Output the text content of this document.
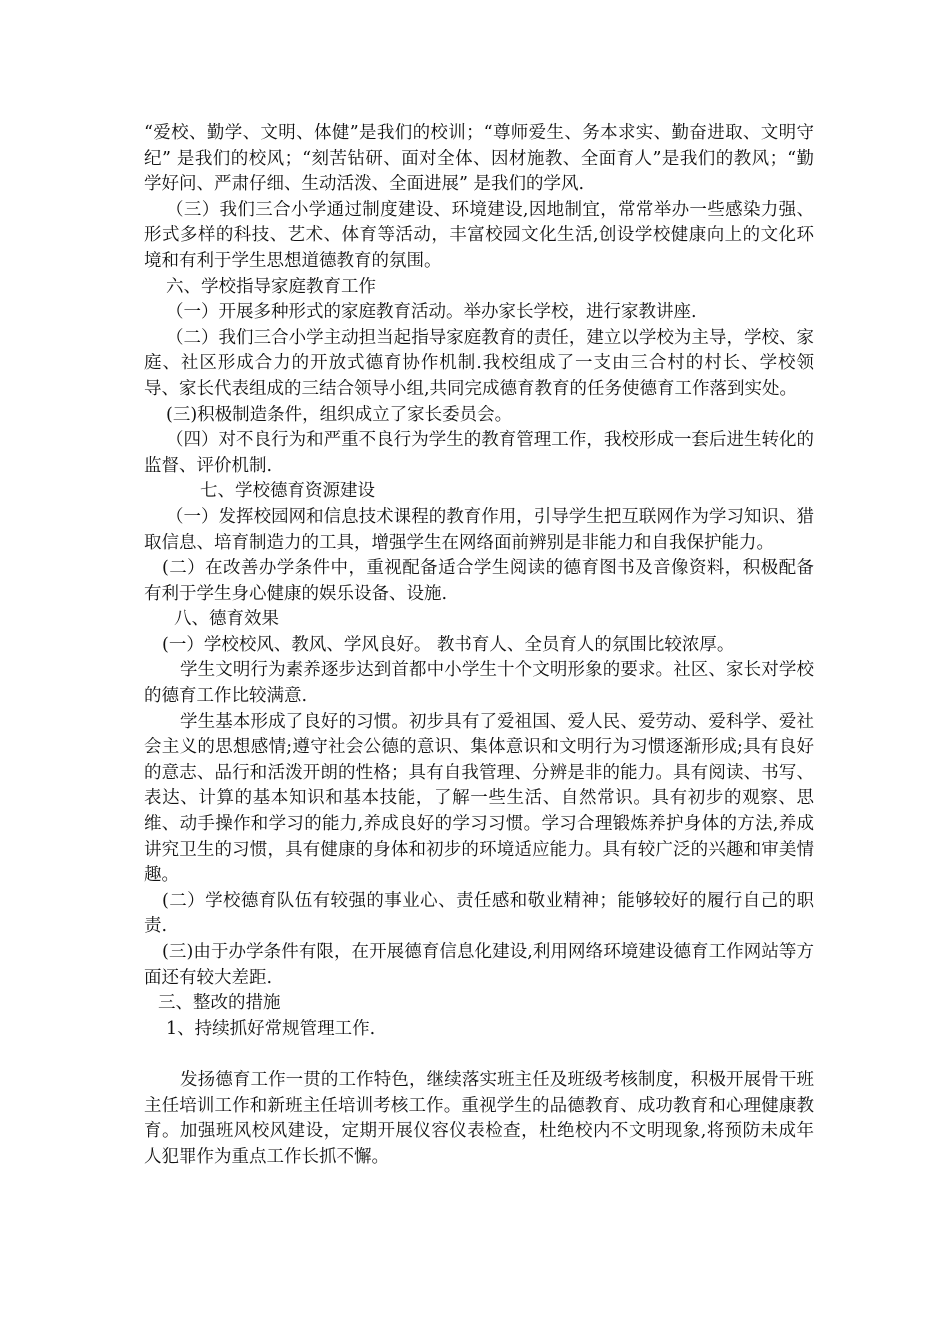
“爱校、勤学、文明、体健”是我们的校训；“尊师爱生、务本求实、勤奋进取、文明守纪” 是我们的校风；“刻苦钻研、面对全体、因材施教、全面育人”是我们的教风；“勤学好问、严肃仔细、生动活泼、全面进展” 是我们的学风.

（三）我们三合小学通过制度建设、环境建设,因地制宜，常常举办一些感染力强、形式多样的科技、艺术、体育等活动，丰富校园文化生活,创设学校健康向上的文化环境和有利于学生思想道德教育的氛围。

六、学校指导家庭教育工作

（一）开展多种形式的家庭教育活动。举办家长学校，进行家教讲座.

（二）我们三合小学主动担当起指导家庭教育的责任，建立以学校为主导，学校、家庭、社区形成合力的开放式德育协作机制.我校组成了一支由三合村的村长、学校领导、家长代表组成的三结合领导小组,共同完成德育教育的任务使德育工作落到实处。

(三)积极制造条件，组织成立了家长委员会。

（四）对不良行为和严重不良行为学生的教育管理工作，我校形成一套后进生转化的监督、评价机制.

七、学校德育资源建设

（一）发挥校园网和信息技术课程的教育作用，引导学生把互联网作为学习知识、猎取信息、培育制造力的工具，增强学生在网络面前辨别是非能力和自我保护能力。

(二）在改善办学条件中，重视配备适合学生阅读的德育图书及音像资料，积极配备有利于学生身心健康的娱乐设备、设施.

八、德育效果

(一）学校校风、教风、学风良好。 教书育人、全员育人的氛围比较浓厚。

学生文明行为素养逐步达到首都中小学生十个文明形象的要求。社区、家长对学校的德育工作比较满意.

学生基本形成了良好的习惯。初步具有了爱祖国、爱人民、爱劳动、爱科学、爱社会主义的思想感情;遵守社会公德的意识、集体意识和文明行为习惯逐渐形成;具有良好的意志、品行和活泼开朗的性格；具有自我管理、分辨是非的能力。具有阅读、书写、表达、计算的基本知识和基本技能，了解一些生活、自然常识。具有初步的观察、思维、动手操作和学习的能力,养成良好的学习习惯。学习合理锻炼养护身体的方法,养成讲究卫生的习惯，具有健康的身体和初步的环境适应能力。具有较广泛的兴趣和审美情趣。

(二）学校德育队伍有较强的事业心、责任感和敬业精神；能够较好的履行自己的职责.

(三)由于办学条件有限，在开展德育信息化建设,利用网络环境建设德育工作网站等方面还有较大差距.

三、整改的措施

1、持续抓好常规管理工作.

发扬德育工作一贯的工作特色，继续落实班主任及班级考核制度，积极开展骨干班主任培训工作和新班主任培训考核工作。重视学生的品德教育、成功教育和心理健康教育。加强班风校风建设，定期开展仪容仪表检查，杜绝校内不文明现象,将预防未成年人犯罪作为重点工作长抓不懈。
